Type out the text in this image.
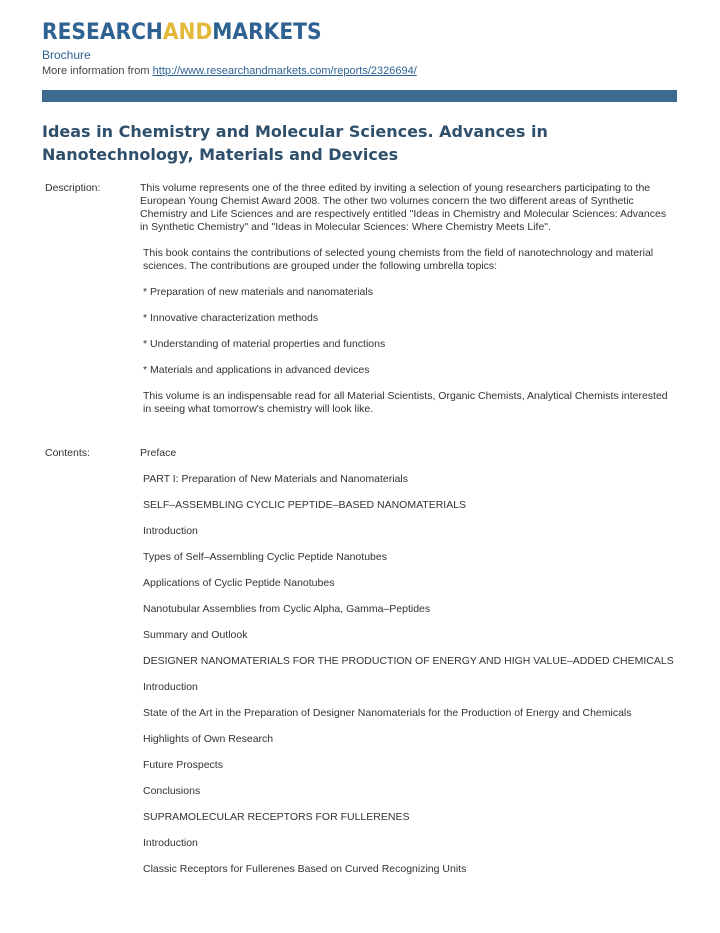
RESEARCHANDMARKETS
Brochure
More information from http://www.researchandmarkets.com/reports/2326694/
Ideas in Chemistry and Molecular Sciences. Advances in Nanotechnology, Materials and Devices
Description:	This volume represents one of the three edited by inviting a selection of young researchers participating to the European Young Chemist Award 2008. The other two volumes concern the two different areas of Synthetic Chemistry and Life Sciences and are respectively entitled "Ideas in Chemistry and Molecular Sciences: Advances in Synthetic Chemistry" and "Ideas in Molecular Sciences: Where Chemistry Meets Life".

This book contains the contributions of selected young chemists from the field of nanotechnology and material sciences. The contributions are grouped under the following umbrella topics:

* Preparation of new materials and nanomaterials

* Innovative characterization methods

* Understanding of material properties and functions

* Materials and applications in advanced devices

This volume is an indispensable read for all Material Scientists, Organic Chemists, Analytical Chemists interested in seeing what tomorrow's chemistry will look like.

Contents:	Preface

PART I: Preparation of New Materials and Nanomaterials

SELF–ASSEMBLING CYCLIC PEPTIDE–BASED NANOMATERIALS

Introduction

Types of Self–Assembling Cyclic Peptide Nanotubes

Applications of Cyclic Peptide Nanotubes

Nanotubular Assemblies from Cyclic Alpha, Gamma–Peptides

Summary and Outlook

DESIGNER NANOMATERIALS FOR THE PRODUCTION OF ENERGY AND HIGH VALUE–ADDED CHEMICALS

Introduction

State of the Art in the Preparation of Designer Nanomaterials for the Production of Energy and Chemicals

Highlights of Own Research

Future Prospects

Conclusions

SUPRAMOLECULAR RECEPTORS FOR FULLERENES

Introduction

Classic Receptors for Fullerenes Based on Curved Recognizing Units
